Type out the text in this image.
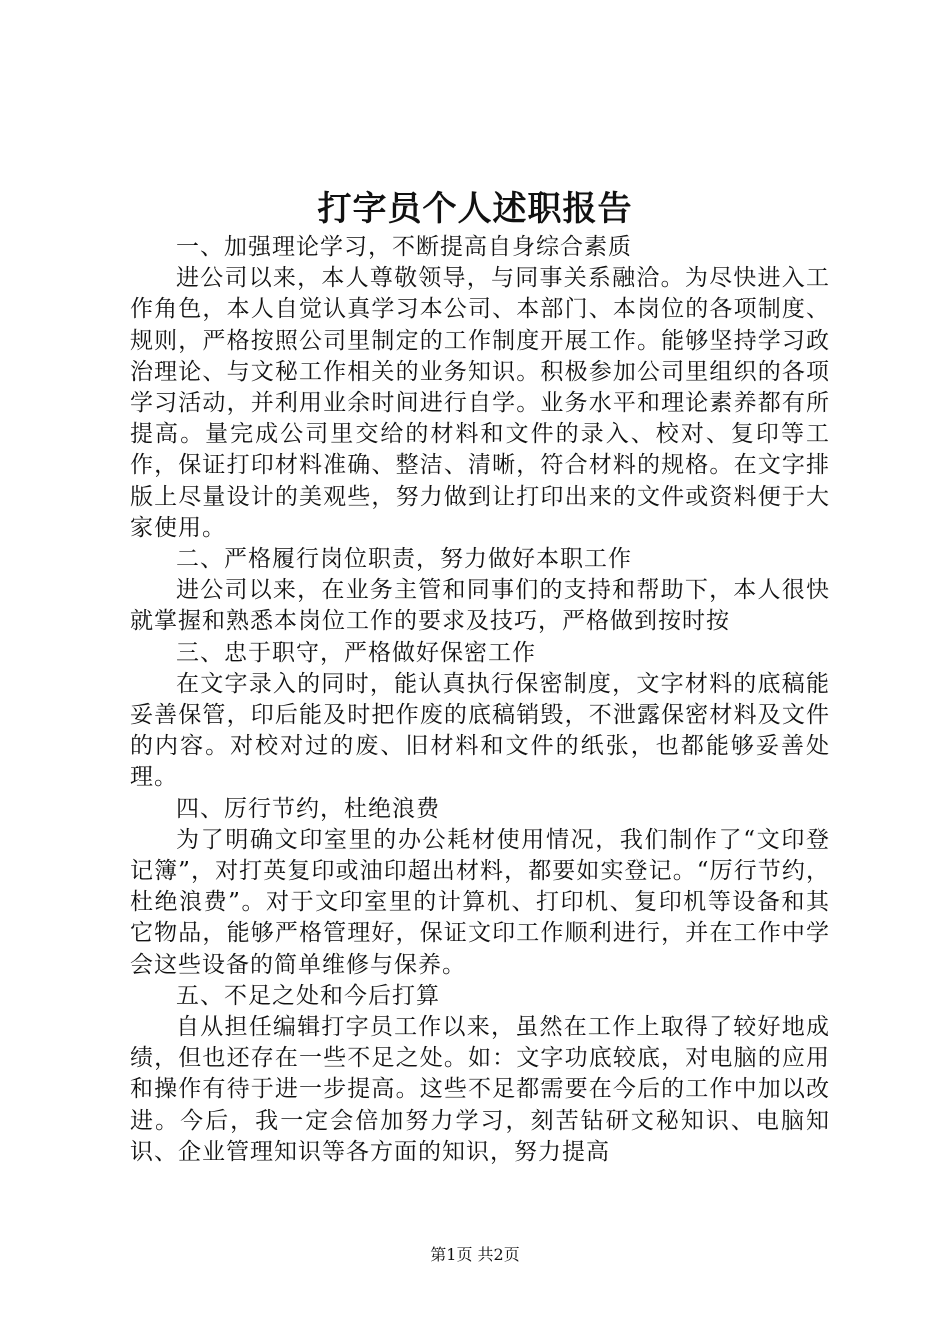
打字员个人述职报告

一、加强理论学习，不断提高自身综合素质

进公司以来，本人尊敬领导，与同事关系融洽。为尽快进入工作角色，本人自觉认真学习本公司、本部门、本岗位的各项制度、规则，严格按照公司里制定的工作制度开展工作。能够坚持学习政治理论、与文秘工作相关的业务知识。积极参加公司里组织的各项学习活动，并利用业余时间进行自学。业务水平和理论素养都有所提高。量完成公司里交给的材料和文件的录入、校对、复印等工作，保证打印材料准确、整洁、清晰，符合材料的规格。在文字排版上尽量设计的美观些，努力做到让打印出来的文件或资料便于大家使用。

二、严格履行岗位职责，努力做好本职工作

进公司以来，在业务主管和同事们的支持和帮助下，本人很快就掌握和熟悉本岗位工作的要求及技巧，严格做到按时按

三、忠于职守，严格做好保密工作

在文字录入的同时，能认真执行保密制度，文字材料的底稿能妥善保管，印后能及时把作废的底稿销毁，不泄露保密材料及文件的内容。对校对过的废、旧材料和文件的纸张，也都能够妥善处理。

四、厉行节约，杜绝浪费

为了明确文印室里的办公耗材使用情况，我们制作了“文印登记簿”，对打英复印或油印超出材料，都要如实登记。“厉行节约，杜绝浪费”。对于文印室里的计算机、打印机、复印机等设备和其它物品，能够严格管理好，保证文印工作顺利进行，并在工作中学会这些设备的简单维修与保养。

五、不足之处和今后打算

自从担任编辑打字员工作以来，虽然在工作上取得了较好地成绩，但也还存在一些不足之处。如：文字功底较底，对电脑的应用和操作有待于进一步提高。这些不足都需要在今后的工作中加以改进。今后，我一定会倍加努力学习，刻苦钻研文秘知识、电脑知识、企业管理知识等各方面的知识，努力提高

第1页 共2页
